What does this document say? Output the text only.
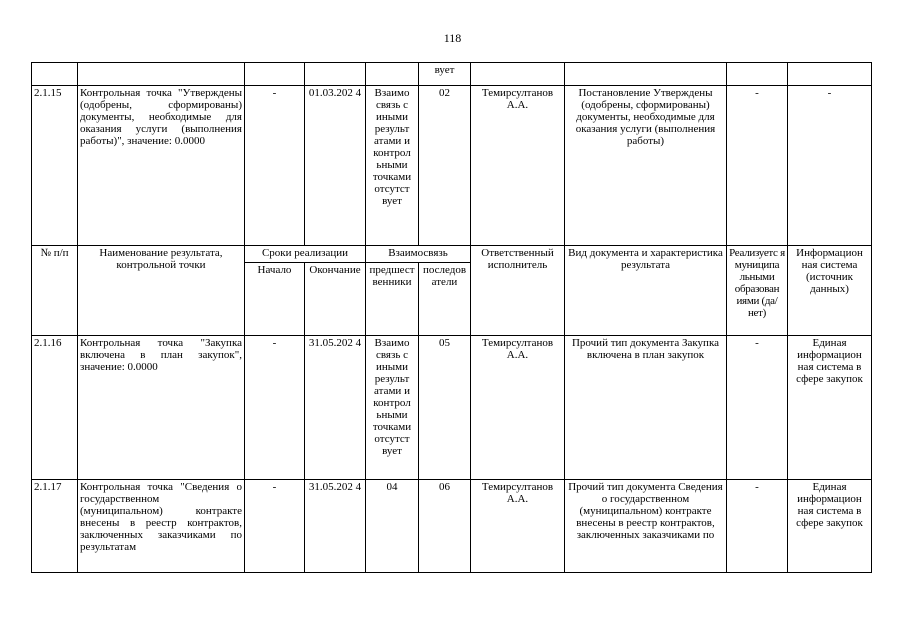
118
					вует				
2.1.15	Контрольная точка "Утверждены (одобрены, сформированы) документы, необходимые для оказания услуги (выполнения работы)", значение: 0.0000	-	01.03.202 4	Взаимо связь с иными результ атами и контрол ьными точками отсутст вует	02	Темирсултанов А.А.	Постановление Утверждены (одобрены, сформированы) документы, необходимые для оказания услуги (выполнения работы)	-	-
№ п/п	Наименование результата, контрольной точки	Сроки реализации		Взаимосвязь		Ответственный исполнитель	Вид документа и характеристика результата	Реализуетс я муниципа льными образован иями (да/нет)	Информацион ная система (источник данных)
		Начало	Окончание	предшест венники	последов атели				
2.1.16	Контрольная точка "Закупка включена в план закупок", значение: 0.0000	-	31.05.202 4	Взаимо связь с иными результ атами и контрол ьными точками отсутст вует	05	Темирсултанов А.А.	Прочий тип документа Закупка включена в план закупок	-	Единая информацион ная система в сфере закупок
2.1.17	Контрольная точка "Сведения о государственном (муниципальном) контракте внесены в реестр контрактов, заключенных заказчиками по результатам	-	31.05.202 4	04	06	Темирсултанов А.А.	Прочий тип документа Сведения о государственном (муниципальном) контракте внесены в реестр контрактов, заключенных заказчиками по	-	Единая информацион ная система в сфере закупок
